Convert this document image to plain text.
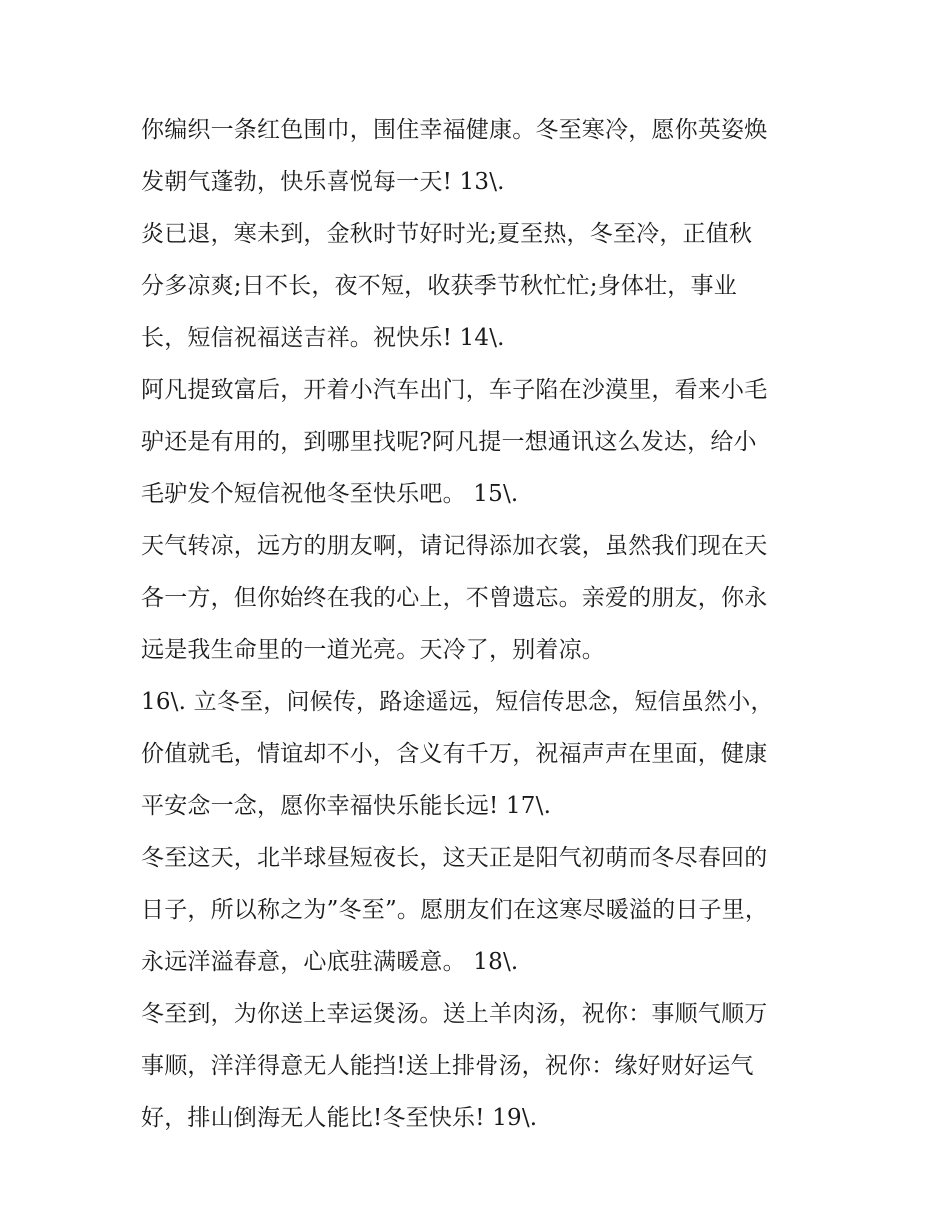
你编织一条红色围巾，围住幸福健康。冬至寒冷，愿你英姿焕
发朝气蓬勃，快乐喜悦每一天! 13\.
炎已退，寒未到，金秋时节好时光;夏至热，冬至冷，正值秋
分多凉爽;日不长，夜不短，收获季节秋忙忙;身体壮，事业
长，短信祝福送吉祥。祝快乐! 14\.
阿凡提致富后，开着小汽车出门，车子陷在沙漠里，看来小毛
驴还是有用的，到哪里找呢?阿凡提一想通讯这么发达，给小
毛驴发个短信祝他冬至快乐吧。 15\.
天气转凉，远方的朋友啊，请记得添加衣裳，虽然我们现在天
各一方，但你始终在我的心上，不曾遗忘。亲爱的朋友，你永
远是我生命里的一道光亮。天冷了，别着凉。
16\. 立冬至，问候传，路途遥远，短信传思念，短信虽然小，
价值就毛，情谊却不小，含义有千万，祝福声声在里面，健康
平安念一念，愿你幸福快乐能长远! 17\.
冬至这天，北半球昼短夜长，这天正是阳气初萌而冬尽春回的
日子，所以称之为”冬至”。愿朋友们在这寒尽暖溢的日子里，
永远洋溢春意，心底驻满暖意。 18\.
冬至到，为你送上幸运煲汤。送上羊肉汤，祝你：事顺气顺万
事顺，洋洋得意无人能挡!送上排骨汤，祝你：缘好财好运气
好，排山倒海无人能比!冬至快乐! 19\.
